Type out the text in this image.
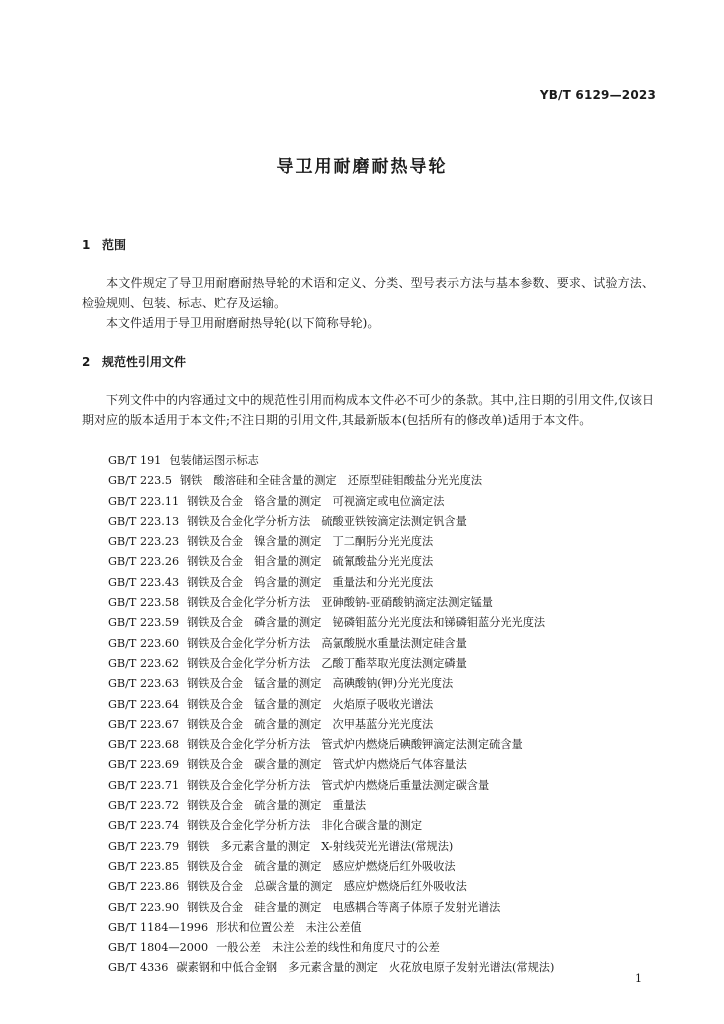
YB/T 6129—2023
导卫用耐磨耐热导轮
1 范围
本文件规定了导卫用耐磨耐热导轮的术语和定义、分类、型号表示方法与基本参数、要求、试验方法、检验规则、包装、标志、贮存及运输。
本文件适用于导卫用耐磨耐热导轮(以下简称导轮)。
2 规范性引用文件
下列文件中的内容通过文中的规范性引用而构成本文件必不可少的条款。其中,注日期的引用文件,仅该日期对应的版本适用于本文件;不注日期的引用文件,其最新版本(包括所有的修改单)适用于本文件。
GB/T 191 包装储运图示标志
GB/T 223.5 钢铁　酸溶硅和全硅含量的测定　还原型硅钼酸盐分光光度法
GB/T 223.11 钢铁及合金　铬含量的测定　可视滴定或电位滴定法
GB/T 223.13 钢铁及合金化学分析方法　硫酸亚铁铵滴定法测定钒含量
GB/T 223.23 钢铁及合金　镍含量的测定　丁二酮肟分光光度法
GB/T 223.26 钢铁及合金　钼含量的测定　硫氰酸盐分光光度法
GB/T 223.43 钢铁及合金　钨含量的测定　重量法和分光光度法
GB/T 223.58 钢铁及合金化学分析方法　亚砷酸钠-亚硝酸钠滴定法测定锰量
GB/T 223.59 钢铁及合金　磷含量的测定　铋磷钼蓝分光光度法和锑磷钼蓝分光光度法
GB/T 223.60 钢铁及合金化学分析方法　高氯酸脱水重量法测定硅含量
GB/T 223.62 钢铁及合金化学分析方法　乙酸丁酯萃取光度法测定磷量
GB/T 223.63 钢铁及合金　锰含量的测定　高碘酸钠(钾)分光光度法
GB/T 223.64 钢铁及合金　锰含量的测定　火焰原子吸收光谱法
GB/T 223.67 钢铁及合金　硫含量的测定　次甲基蓝分光光度法
GB/T 223.68 钢铁及合金化学分析方法　管式炉内燃烧后碘酸钾滴定法测定硫含量
GB/T 223.69 钢铁及合金　碳含量的测定　管式炉内燃烧后气体容量法
GB/T 223.71 钢铁及合金化学分析方法　管式炉内燃烧后重量法测定碳含量
GB/T 223.72 钢铁及合金　硫含量的测定　重量法
GB/T 223.74 钢铁及合金化学分析方法　非化合碳含量的测定
GB/T 223.79 钢铁　多元素含量的测定　X-射线荧光光谱法(常规法)
GB/T 223.85 钢铁及合金　硫含量的测定　感应炉燃烧后红外吸收法
GB/T 223.86 钢铁及合金　总碳含量的测定　感应炉燃烧后红外吸收法
GB/T 223.90 钢铁及合金　硅含量的测定　电感耦合等离子体原子发射光谱法
GB/T 1184—1996 形状和位置公差　未注公差值
GB/T 1804—2000 一般公差　未注公差的线性和角度尺寸的公差
GB/T 4336 碳素钢和中低合金钢　多元素含量的测定　火花放电原子发射光谱法(常规法)
1
